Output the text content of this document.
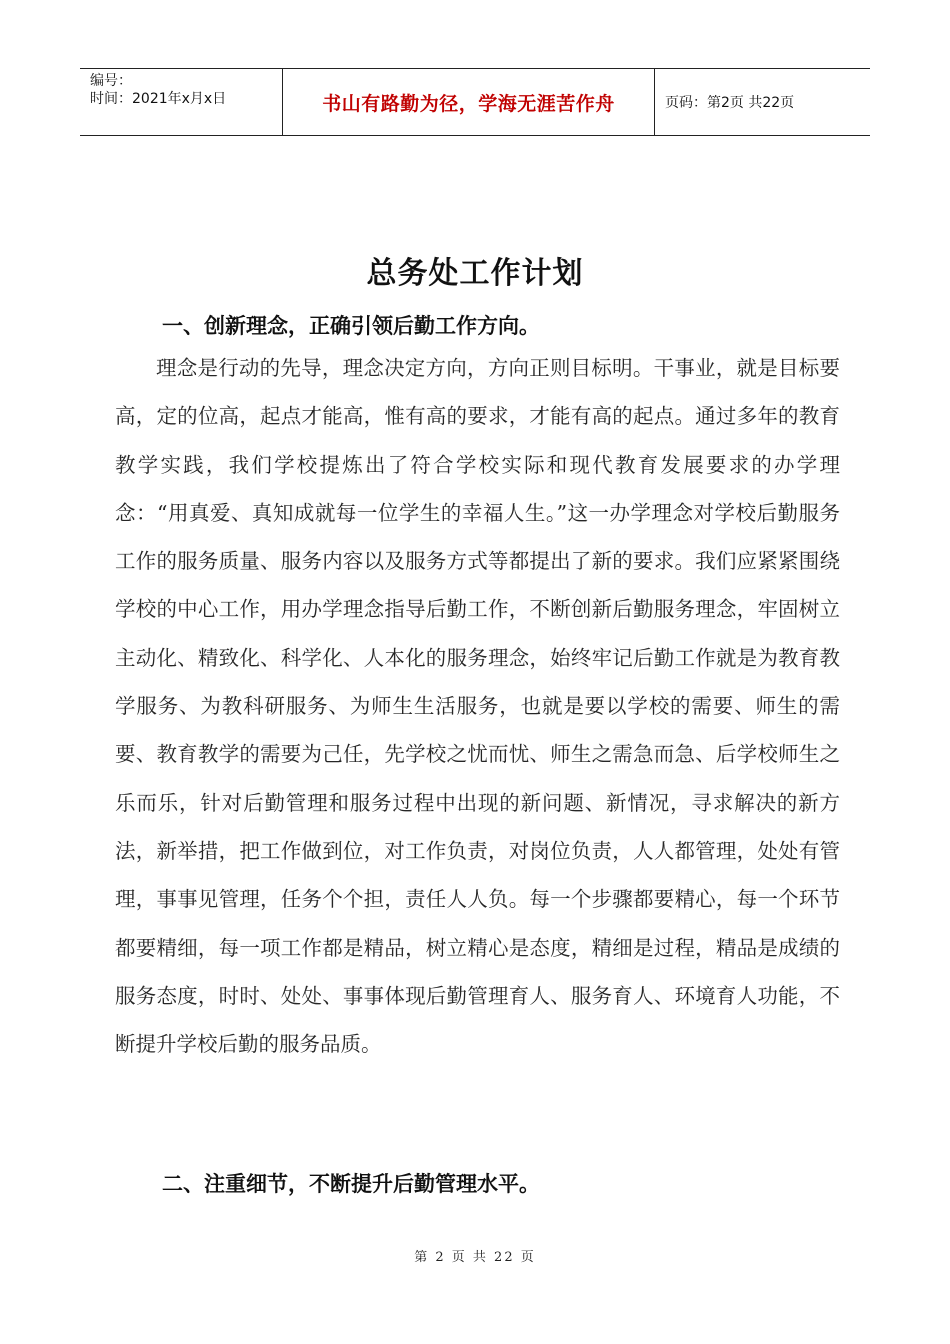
编号：
时间：2021年x月x日	书山有路勤为径，学海无涯苦作舟	页码：第2页 共22页
总务处工作计划
一、创新理念，正确引领后勤工作方向。

理念是行动的先导，理念决定方向，方向正则目标明。干事业，就是目标要高，定的位高，起点才能高，惟有高的要求，才能有高的起点。通过多年的教育教学实践，我们学校提炼出了符合学校实际和现代教育发展要求的办学理念：“用真爱、真知成就每一位学生的幸福人生。”这一办学理念对学校后勤服务工作的服务质量、服务内容以及服务方式等都提出了新的要求。我们应紧紧围绕学校的中心工作，用办学理念指导后勤工作，不断创新后勤服务理念，牢固树立主动化、精致化、科学化、人本化的服务理念，始终牢记后勤工作就是为教育教学服务、为教科研服务、为师生生活服务，也就是要以学校的需要、师生的需要、教育教学的需要为己任，先学校之忧而忧、师生之需急而急、后学校师生之乐而乐，针对后勤管理和服务过程中出现的新问题、新情况，寻求解决的新方法，新举措，把工作做到位，对工作负责，对岗位负责，人人都管理，处处有管理，事事见管理，任务个个担，责任人人负。每一个步骤都要精心，每一个环节都要精细，每一项工作都是精品，树立精心是态度，精细是过程，精品是成绩的服务态度，时时、处处、事事体现后勤管理育人、服务育人、环境育人功能，不断提升学校后勤的服务品质。

二、注重细节，不断提升后勤管理水平。
第 2 页 共 22 页
